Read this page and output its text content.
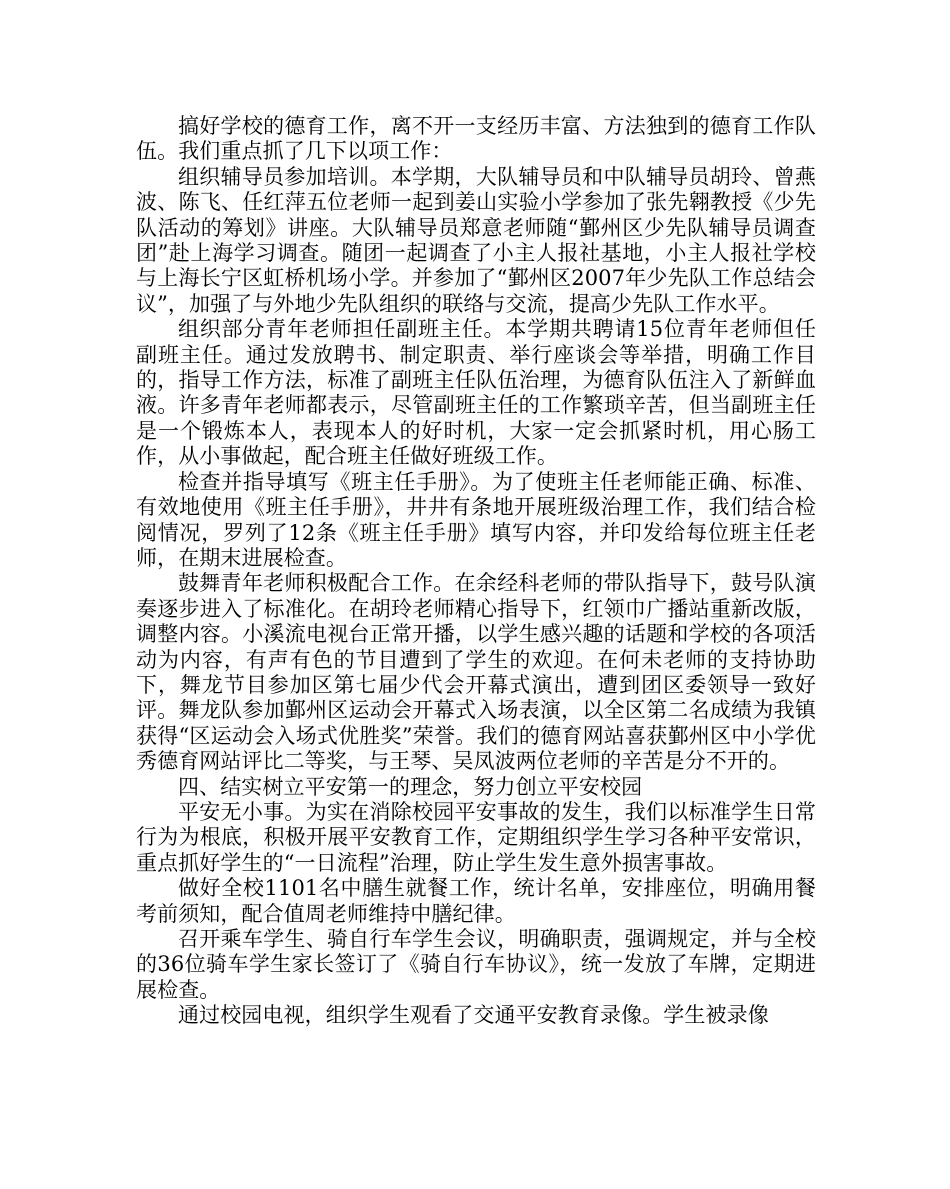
搞好学校的德育工作，离不开一支经历丰富、方法独到的德育工作队伍。我们重点抓了几下以项工作：

组织辅导员参加培训。本学期，大队辅导员和中队辅导员胡玲、曾燕波、陈飞、任红萍五位老师一起到姜山实验小学参加了张先翱教授《少先队活动的筹划》讲座。大队辅导员郑意老师随“鄞州区少先队辅导员调查团”赴上海学习调查。随团一起调查了小主人报社基地，小主人报社学校与上海长宁区虹桥机场小学。并参加了“鄞州区2007年少先队工作总结会议”，加强了与外地少先队组织的联络与交流，提高少先队工作水平。

组织部分青年老师担任副班主任。本学期共聘请15位青年老师但任副班主任。通过发放聘书、制定职责、举行座谈会等举措，明确工作目的，指导工作方法，标准了副班主任队伍治理，为德育队伍注入了新鲜血液。许多青年老师都表示，尽管副班主任的工作繁琐辛苦，但当副班主任是一个锻炼本人，表现本人的好时机，大家一定会抓紧时机，用心肠工作，从小事做起，配合班主任做好班级工作。

检查并指导填写《班主任手册》。为了使班主任老师能正确、标准、有效地使用《班主任手册》，井井有条地开展班级治理工作，我们结合检阅情况，罗列了12条《班主任手册》填写内容，并印发给每位班主任老师，在期末进展检查。

鼓舞青年老师积极配合工作。在余经科老师的带队指导下，鼓号队演奏逐步进入了标准化。在胡玲老师精心指导下，红领巾广播站重新改版，调整内容。小溪流电视台正常开播，以学生感兴趣的话题和学校的各项活动为内容，有声有色的节目遭到了学生的欢迎。在何未老师的支持协助下，舞龙节目参加区第七届少代会开幕式演出，遭到团区委领导一致好评。舞龙队参加鄞州区运动会开幕式入场表演，以全区第二名成绩为我镇获得“区运动会入场式优胜奖”荣誉。我们的德育网站喜获鄞州区中小学优秀德育网站评比二等奖，与王琴、吴凤波两位老师的辛苦是分不开的。

四、结实树立平安第一的理念，努力创立平安校园

平安无小事。为实在消除校园平安事故的发生，我们以标准学生日常行为为根底，积极开展平安教育工作，定期组织学生学习各种平安常识，重点抓好学生的“一日流程”治理，防止学生发生意外损害事故。

做好全校1101名中膳生就餐工作，统计名单，安排座位，明确用餐考前须知，配合值周老师维持中膳纪律。

召开乘车学生、骑自行车学生会议，明确职责，强调规定，并与全校的36位骑车学生家长签订了《骑自行车协议》，统一发放了车牌，定期进展检查。

通过校园电视，组织学生观看了交通平安教育录像。学生被录像
